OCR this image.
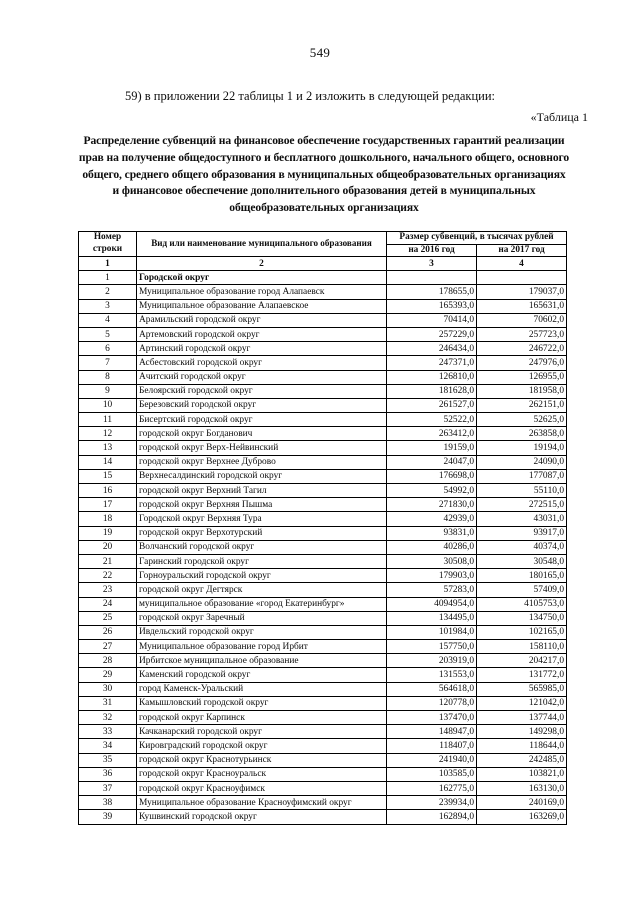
549
59) в приложении 22 таблицы 1 и 2 изложить в следующей редакции:
«Таблица 1
Распределение субвенций на финансовое обеспечение государственных гарантий реализации прав на получение общедоступного и бесплатного дошкольного, начального общего, основного общего, среднего общего образования в муниципальных общеобразовательных организациях и финансовое обеспечение дополнительного образования детей в муниципальных общеобразовательных организациях
Номер строки	Вид или наименование муниципального образования	Размер субвенций, в тысячах рублей	
		на 2016 год	на 2017 год
1	2	3	4
1	Городской округ		
2	Муниципальное образование город Алапаевск	178655,0	179037,0
3	Муниципальное образование Алапаевское	165393,0	165631,0
4	Арамильский городской округ	70414,0	70602,0
5	Артемовский городской округ	257229,0	257723,0
6	Артинский городской округ	246434,0	246722,0
7	Асбестовский городской округ	247371,0	247976,0
8	Ачитский городской округ	126810,0	126955,0
9	Белоярский городской округ	181628,0	181958,0
10	Березовский городской округ	261527,0	262151,0
11	Бисертский городской округ	52522,0	52625,0
12	городской округ Богданович	263412,0	263858,0
13	городской округ Верх-Нейвинский	19159,0	19194,0
14	городской округ Верхнее Дуброво	24047,0	24090,0
15	Верхнесалдинский городской округ	176698,0	177087,0
16	городской округ Верхний Тагил	54992,0	55110,0
17	городской округ Верхняя Пышма	271830,0	272515,0
18	Городской округ Верхняя Тура	42939,0	43031,0
19	городской округ Верхотурский	93831,0	93917,0
20	Волчанский городской округ	40286,0	40374,0
21	Гаринский городской округ	30508,0	30548,0
22	Горноуральский городской округ	179903,0	180165,0
23	городской округ Дегтярск	57283,0	57409,0
24	муниципальное образование «город Екатеринбург»	4094954,0	4105753,0
25	городской округ Заречный	134495,0	134750,0
26	Ивдельский городской округ	101984,0	102165,0
27	Муниципальное образование город Ирбит	157750,0	158110,0
28	Ирбитское муниципальное образование	203919,0	204217,0
29	Каменский городской округ	131553,0	131772,0
30	город Каменск-Уральский	564618,0	565985,0
31	Камышловский городской округ	120778,0	121042,0
32	городской округ Карпинск	137470,0	137744,0
33	Качканарский городской округ	148947,0	149298,0
34	Кировградский городской округ	118407,0	118644,0
35	городской округ Краснотурьинск	241940,0	242485,0
36	городской округ Красноуральск	103585,0	103821,0
37	городской округ Красноуфимск	162775,0	163130,0
38	Муниципальное образование Красноуфимский округ	239934,0	240169,0
39	Кушвинский городской округ	162894,0	163269,0
